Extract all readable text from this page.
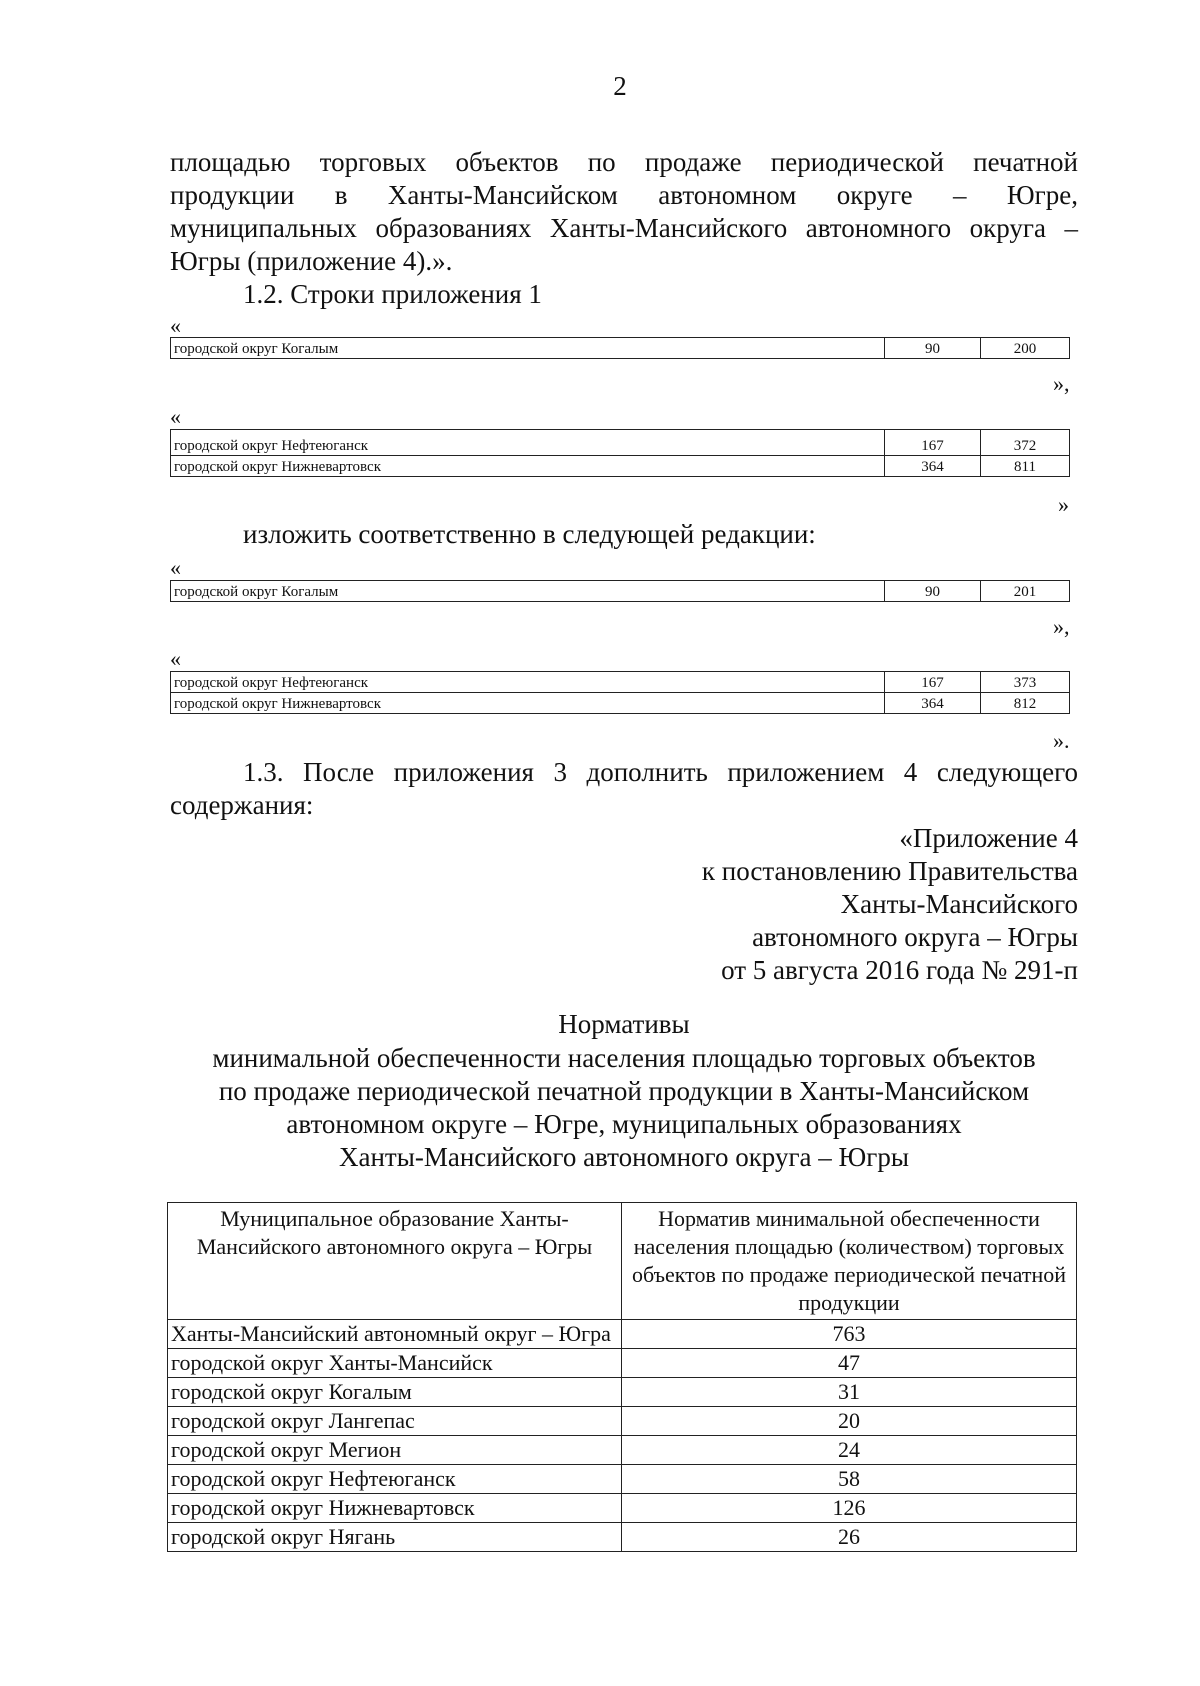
2
площадью торговых объектов по продаже периодической печатной
продукции в Ханты-Мансийском автономном округе – Югре,
муниципальных образованиях Ханты-Мансийского автономного округа –
Югры (приложение 4).».
1.2. Строки приложения 1
«
городской округ Когалым	90	200
»,
«
городской округ Нефтеюганск	167	372
городской округ Нижневартовск	364	811
»
изложить соответственно в следующей редакции:
«
городской округ Когалым	90	201
»,
«
городской округ Нефтеюганск	167	373
городской округ Нижневартовск	364	812
».
1.3. После приложения 3 дополнить приложением 4 следующего
содержания:
«Приложение 4
к постановлению Правительства
Ханты-Мансийского
автономного округа – Югры
от 5 августа 2016 года № 291-п
Нормативы
минимальной обеспеченности населения площадью торговых объектов
по продаже периодической печатной продукции в Ханты-Мансийском
автономном округе – Югре, муниципальных образованиях
Ханты-Мансийского автономного округа – Югры
Муниципальное образование Ханты-Мансийского автономного округа – Югры	Норматив минимальной обеспеченности населения площадью (количеством) торговых объектов по продаже периодической печатной продукции
Ханты-Мансийский автономный округ – Югра	763
городской округ Ханты-Мансийск	47
городской округ Когалым	31
городской округ Лангепас	20
городской округ Мегион	24
городской округ Нефтеюганск	58
городской округ Нижневартовск	126
городской округ Нягань	26
